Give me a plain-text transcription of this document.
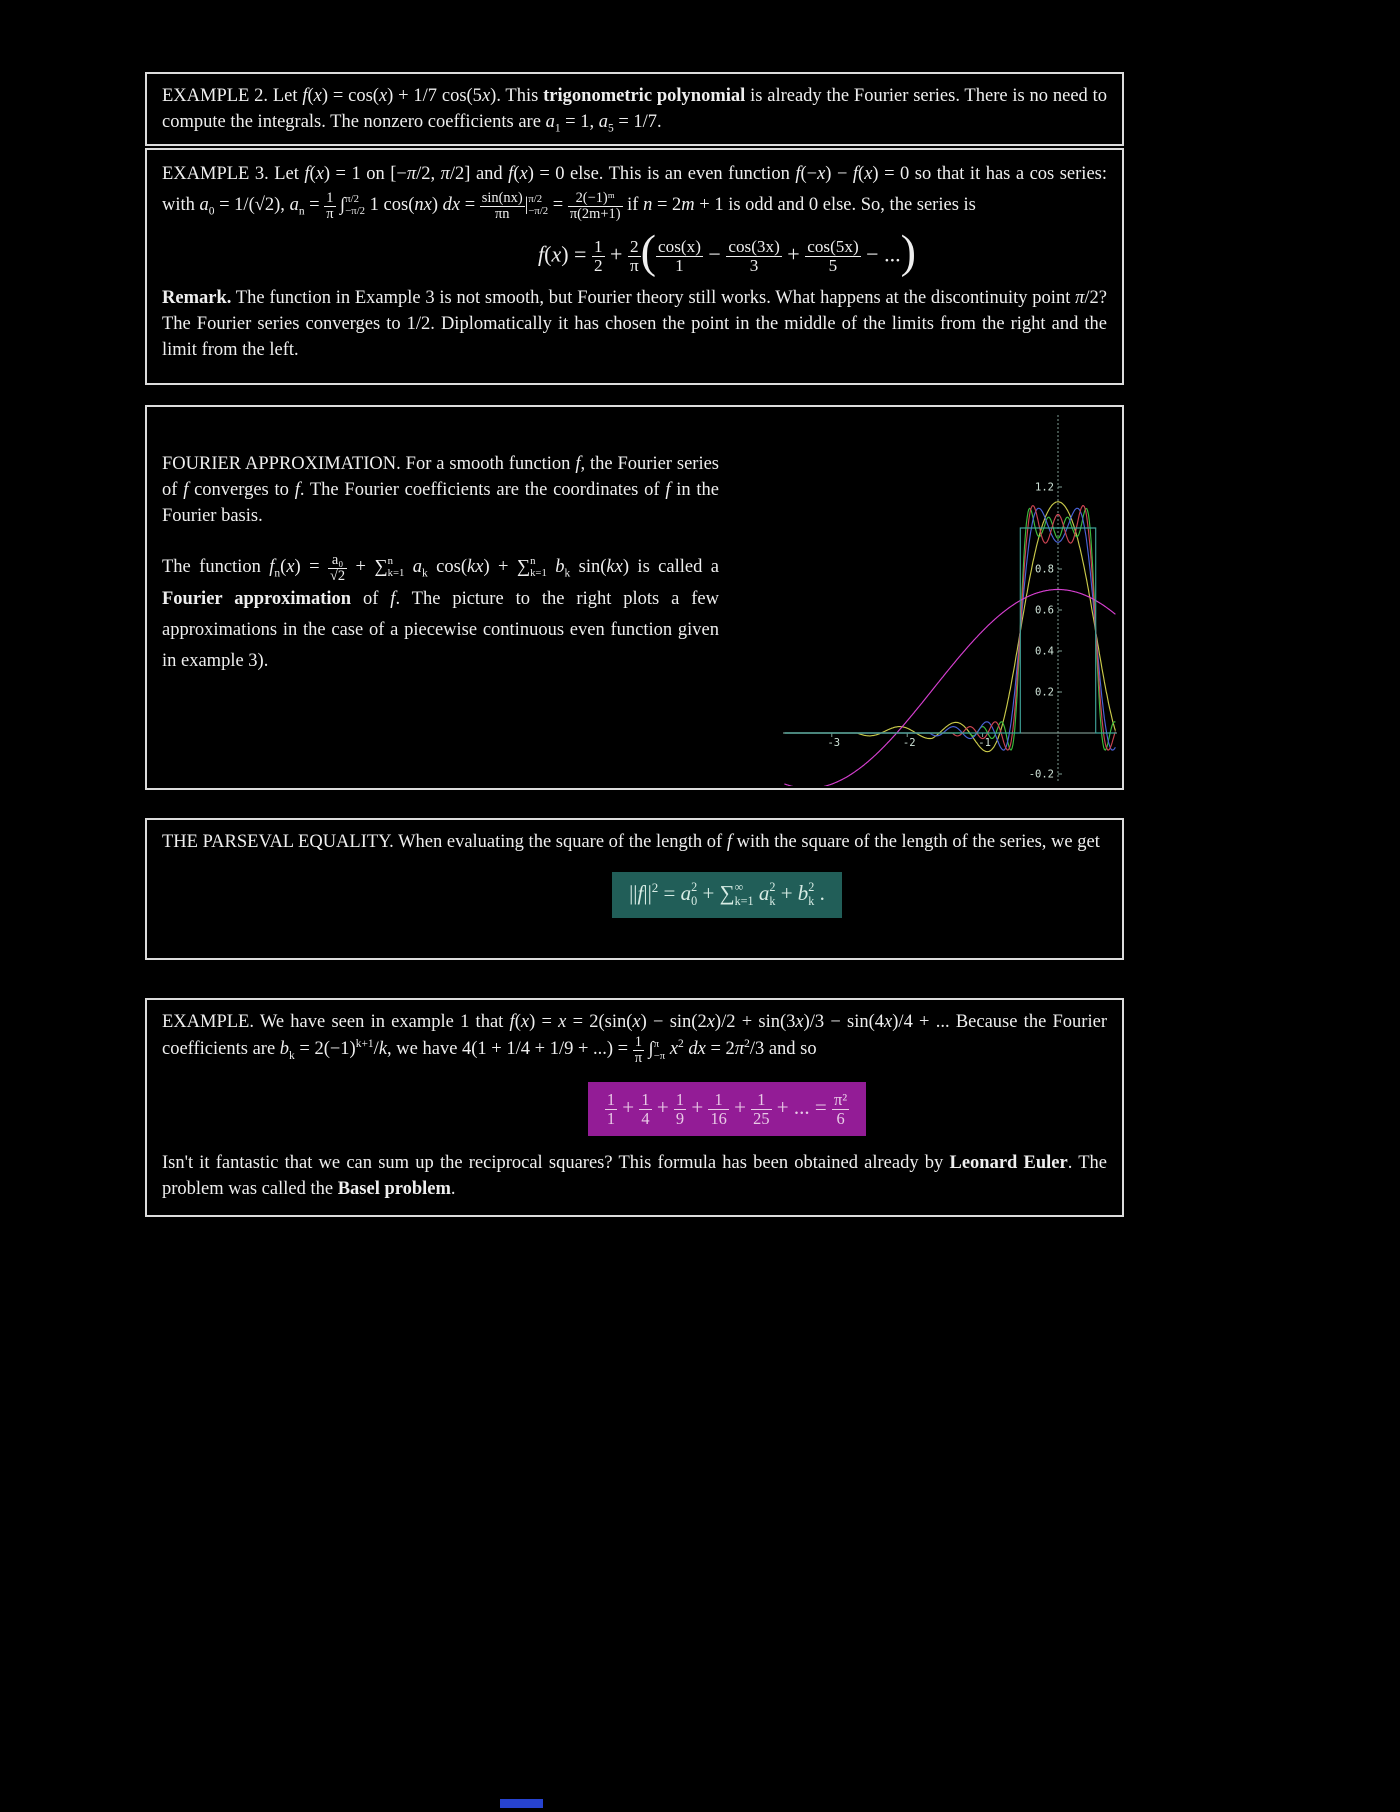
EXAMPLE 2. Let f(x) = cos(x) + 1/7 cos(5x). This trigonometric polynomial is already the Fourier series. There is no need to compute the integrals. The nonzero coefficients are $a_1 = 1$, $a_5 = 1/7$.

EXAMPLE 3. Let f(x) = 1 on [−π/2, π/2] and f(x) = 0 else. This is an even function f(−x) − f(x) = 0 so that it has a cos series: with $a_0 = 1/(√2)$, $a_n = \frac{1}{\pi}$ ∫ π/2
−π/2 1 cos(nx) dx = $\frac{\sin(nx)}{\pi n}$ | π/2
$-\pi/2 = \frac{\text{2(−1)ᵐ}}{\pi(2m+1)}$ if n = 2m + 1 is odd and 0 else. So, the series is

$f(x) = \frac{1}{2} + \frac{2}{\pi}$ ( $\frac{\cos(x)}{1} - \frac{\cos(3x)}{3} + \frac{\cos(5x)}{5}$ − ...)

Remark. The function in Example 3 is not smooth, but Fourier theory still works. What happens at the discontinuity point π/2? The Fourier series converges to 1/2. Diplomatically it has chosen the point in the middle of the limits from the right and the limit from the left.

FOURIER APPROXIMATION. For a smooth function f, the Fourier series of f converges to f. The Fourier coefficients are the coordinates of f in the Fourier basis.

The function $f_n(x) = \frac{\text{a₀}}{√2}$ + ∑ n
k=1 $a_k$ cos(kx) + ∑ n
k=1 $b_k$ sin(kx) is called a Fourier approximation of f. The picture to the right plots a few approximations in the case of a piecewise continuous even function given in example 3).

1.2
0.8
0.6
0.4
0.2
-0.2
-3	-2	-1

THE PARSEVAL EQUALITY. When evaluating the square of the length of f with the square of the length of the series, we get

$||f||^2 = a$ 2
0 + ∑ ∞
k=1 a 2
k + b 2
k .

EXAMPLE. We have seen in example 1 that f(x) = x = 2(sin(x) − sin(2x)/2 + sin(3x)/3 − sin(4x)/4 + ... Because the Fourier coefficients are $b_k = 2(-1)^{k+1}/k$, we have 4(1 + 1/4 + 1/9 + ...) = $\frac{1}{\pi}$ ∫ π
−π $x^2$ dx = $2\pi^2/3$ and so

$\frac{1}{1} + \frac{1}{4} + \frac{1}{9} + \frac{1}{16} + \frac{1}{25}$ + ... = $\frac{\text{π²}}{6}$

Isn't it fantastic that we can sum up the reciprocal squares? This formula has been obtained already by Leonard Euler. The problem was called the Basel problem.
